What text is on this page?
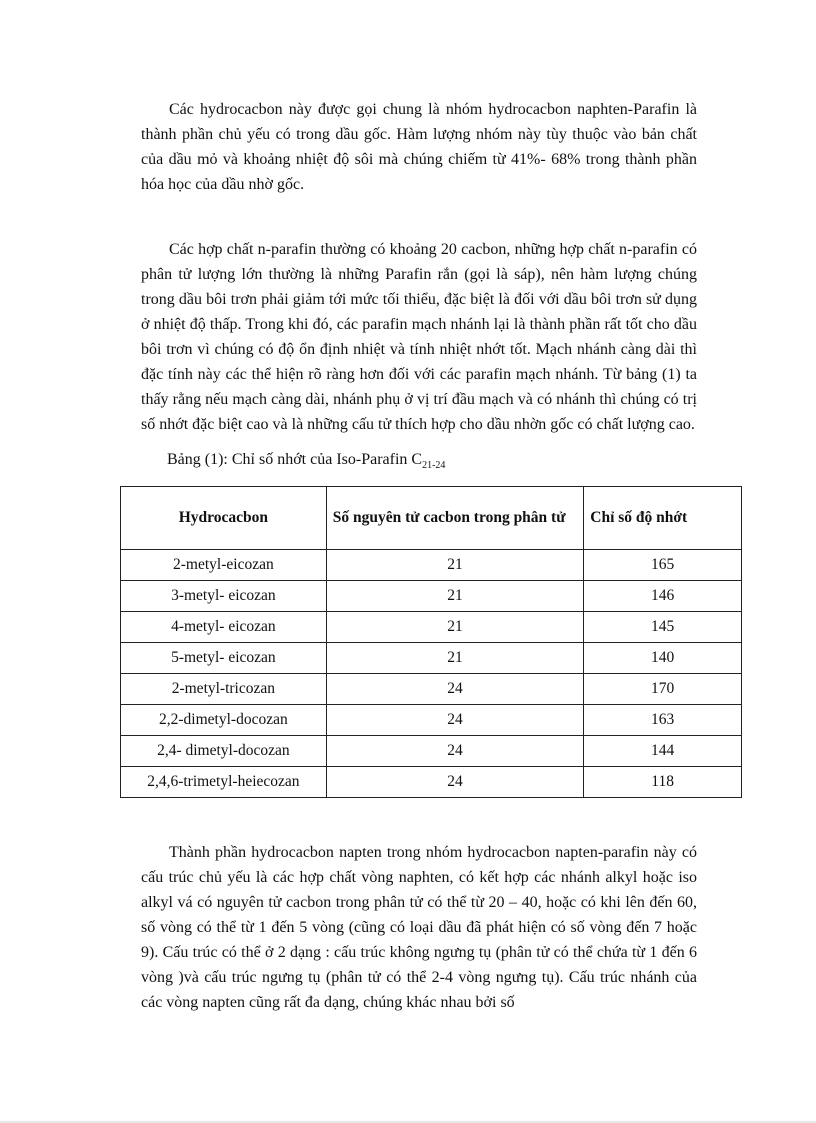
Các hydrocacbon này được gọi chung là nhóm hydrocacbon naphten-Parafin là thành phần chủ yếu có trong dầu gốc. Hàm lượng nhóm này tùy thuộc vào bản chất của dầu mỏ và khoảng nhiệt độ sôi mà chúng chiếm từ 41%- 68% trong thành phần hóa học của dầu nhờ gốc.

Các hợp chất n-parafin thường có khoảng 20 cacbon, những hợp chất n-parafin có phân tử lượng lớn thường là những Parafin rắn (gọi là sáp), nên hàm lượng chúng trong dầu bôi trơn phải giảm tới mức tối thiểu, đặc biệt là đối với dầu bôi trơn sử dụng ở nhiệt độ thấp. Trong khi đó, các parafin mạch nhánh lại là thành phần rất tốt cho dầu bôi trơn vì chúng có độ ổn định nhiệt và tính nhiệt nhớt tốt. Mạch nhánh càng dài thì đặc tính này các thể hiện rõ ràng hơn đối với các parafin mạch nhánh. Từ bảng (1) ta thấy rằng nếu mạch càng dài, nhánh phụ ở vị trí đầu mạch và có nhánh thì chúng có trị số nhớt đặc biệt cao và là những cấu tử thích hợp cho dầu nhờn gốc có chất lượng cao.

Bảng (1): Chỉ số nhớt của Iso-Parafin $C_{21-24}$

Hydrocacbon	Số nguyên tử cacbon trong phân tử	Chỉ số độ nhớt
2-metyl-eicozan	21	165
3-metyl- eicozan	21	146
4-metyl- eicozan	21	145
5-metyl- eicozan	21	140
2-metyl-tricozan	24	170
2,2-dimetyl-docozan	24	163
2,4- dimetyl-docozan	24	144
2,4,6-trimetyl-heiecozan	24	118

Thành phần hydrocacbon napten trong nhóm hydrocacbon napten-parafin này có cấu trúc chủ yếu là các hợp chất vòng naphten, có kết hợp các nhánh alkyl hoặc iso alkyl vá có nguyên tử cacbon trong phân tử có thể từ 20 – 40, hoặc có khi lên đến 60, số vòng có thể từ 1 đến 5 vòng (cũng có loại dầu đã phát hiện có số vòng đến 7 hoặc 9). Cấu trúc có thể ở 2 dạng : cấu trúc không ngưng tụ (phân tử có thể chứa từ 1 đến 6 vòng )và cấu trúc ngưng tụ (phân tử có thể 2-4 vòng ngưng tụ). Cấu trúc nhánh của các vòng napten cũng rất đa dạng, chúng khác nhau bởi số
